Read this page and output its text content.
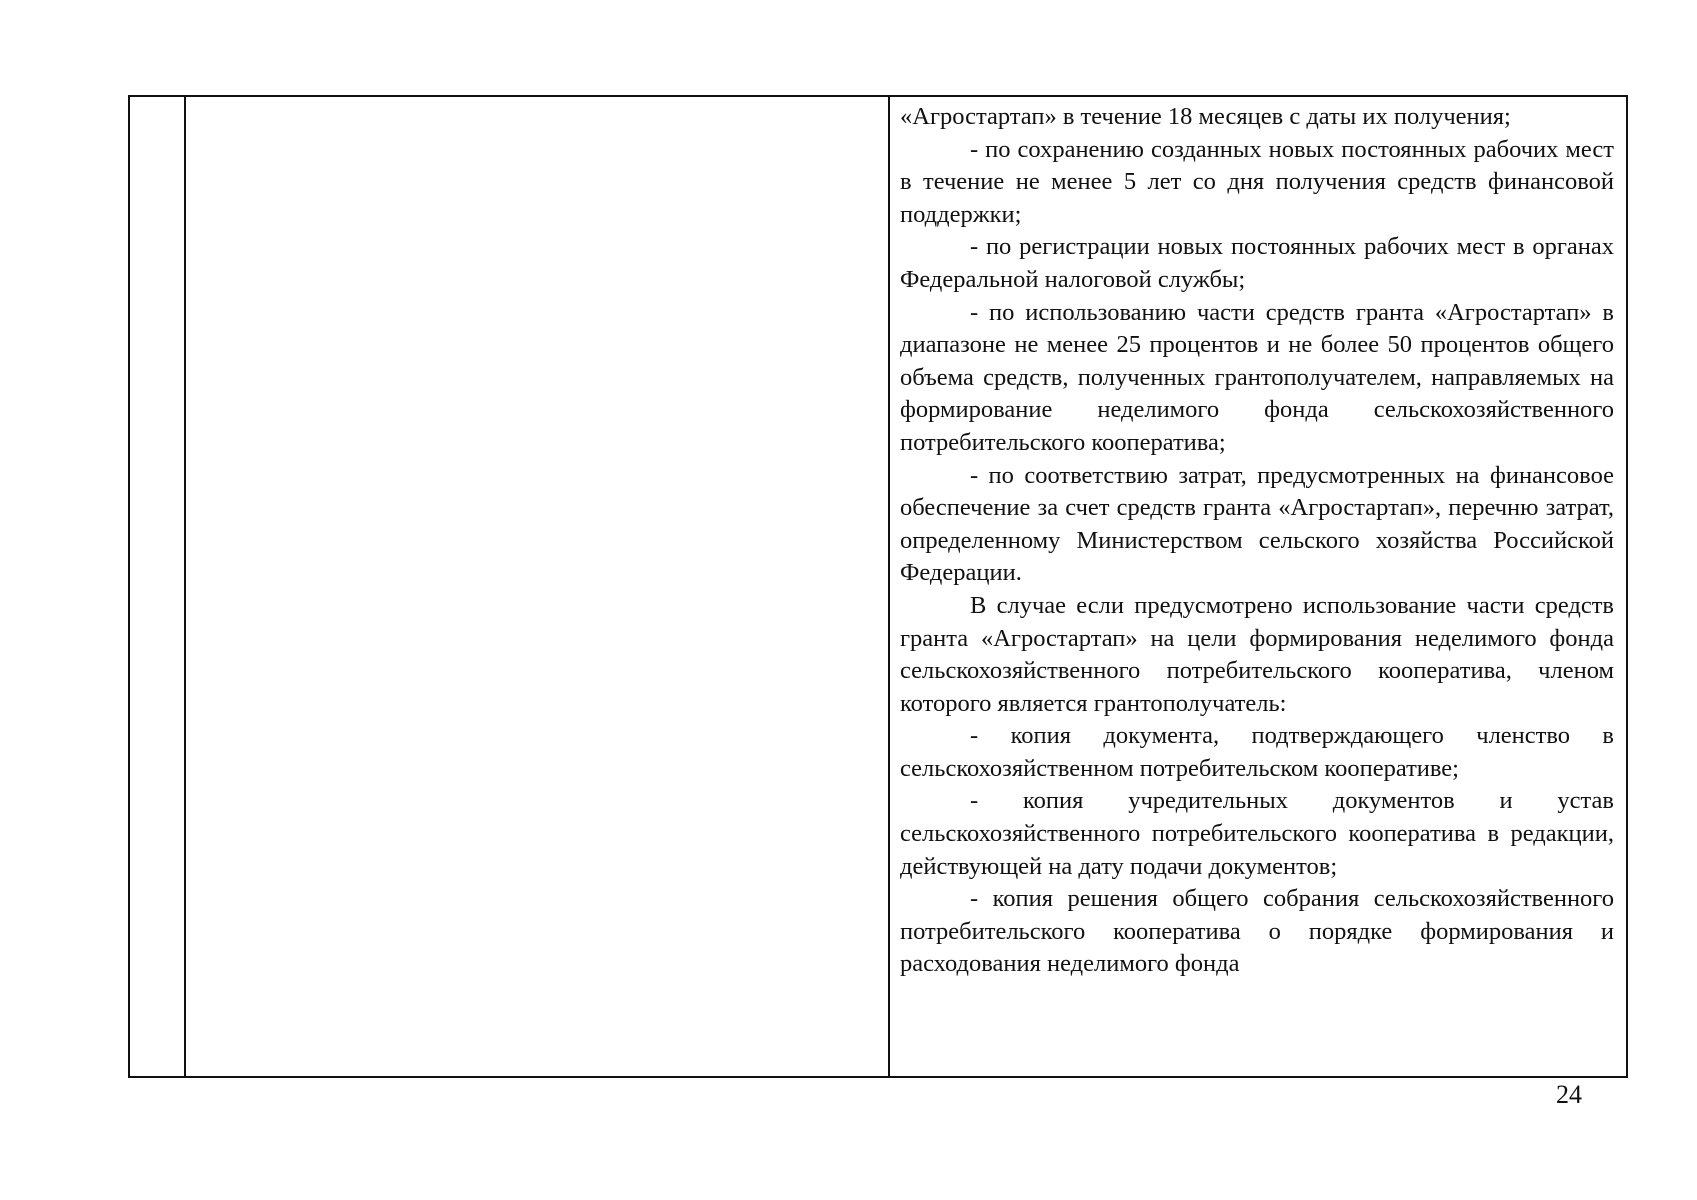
«Агростартап» в течение 18 месяцев с даты их получения;

- по сохранению созданных новых постоянных рабочих мест в течение не менее 5 лет со дня получения средств финансовой поддержки;

- по регистрации новых постоянных рабочих мест в органах Федеральной налоговой службы;

- по использованию части средств гранта «Агростартап» в диапазоне не менее 25 процентов и не более 50 процентов общего объема средств, полученных грантополучателем, направляемых на формирование неделимого фонда сельскохозяйственного потребительского кооператива;

- по соответствию затрат, предусмотренных на финансовое обеспечение за счет средств гранта «Агростартап», перечню затрат, определенному Министерством сельского хозяйства Российской Федерации.

В случае если предусмотрено использование части средств гранта «Агростартап» на цели формирования неделимого фонда сельскохозяйственного потребительского кооператива, членом которого является грантополучатель:

- копия документа, подтверждающего членство в сельскохозяйственном потребительском кооперативе;

- копия учредительных документов и устав сельскохозяйственного потребительского кооператива в редакции, действующей на дату подачи документов;

- копия решения общего собрания сельскохозяйственного потребительского кооператива о порядке формирования и расходования неделимого фонда

24
